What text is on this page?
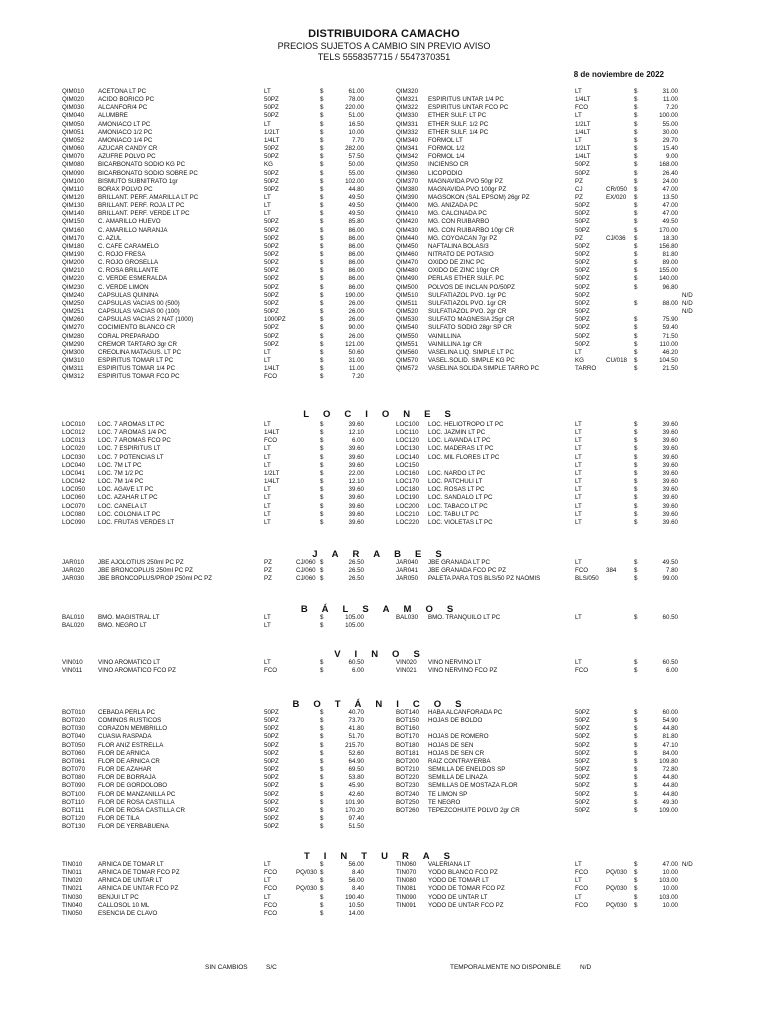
DISTRIBUIDORA CAMACHO
PRECIOS SUJETOS A CAMBIO SIN PREVIO AVISO
TELS 5558357715 / 5547370351
8 de noviembre de 2022
QIM010 ACETONA LT PC	LT	$	61.00
QIM020 ACIDO BORICO PC	50PZ	$	78.00
QIM030 ALCANFOR/4 PC	50PZ	$	220.00
QIM040 ALUMBRE	50PZ	$	51.00
QIM050 AMONIACO LT PC	LT	$	16.50
QIM051 AMONIACO 1/2 PC	1/2LT	$	10.00
QIM052 AMONIACO 1/4 PC	1/4LT	$	7.70
QIM060 AZUCAR CANDY CR	50PZ	$	282.00
QIM070 AZUFRE POLVO PC	50PZ	$	57.50
QIM080 BICARBONATO SODIO KG PC	KG	$	50.00
QIM090 BICARBONATO SODIO SOBRE PC	50PZ	$	55.00
QIM100 BISMUTO SUBNITRATO 1gr	50PZ	$	102.00
QIM110 BORAX POLVO PC	50PZ	$	44.80
QIM120 BRILLANT. PERF. AMARILLA LT PC	LT	$	49.50
QIM130 BRILLANT. PERF. ROJA LT PC	LT	$	49.50
QIM140 BRILLANT. PERF. VERDE LT PC	LT	$	49.50
QIM150 C. AMARILLO HUEVO	50PZ	$	85.80
QIM160 C. AMARILLO NARANJA	50PZ	$	86.00
QIM170 C. AZUL	50PZ	$	86.00
QIM180 C. CAFE CARAMELO	50PZ	$	86.00
QIM190 C. ROJO FRESA	50PZ	$	86.00
QIM200 C. ROJO GROSELLA	50PZ	$	86.00
QIM210 C. ROSA BRILLANTE	50PZ	$	86.00
QIM220 C. VERDE ESMERALDA	50PZ	$	86.00
QIM230 C. VERDE LIMON	50PZ	$	86.00
QIM240 CAPSULAS QUININA	50PZ	$	190.00
QIM250 CAPSULAS VACIAS 00 (500)	50PZ	$	26.00
QIM251 CAPSULAS VACIAS 00 (100)	50PZ	$	26.00
QIM260 CAPSULAS VACIAS 2 NAT (1000)	1000PZ	$	26.00
QIM270 COCIMIENTO BLANCO CR	50PZ	$	90.00
QIM280 CORAL PREPARADO	50PZ	$	26.00
QIM290 CREMOR TARTARO 3gr CR	50PZ	$	121.00
QIM300 CREOLINA MATAGUS. LT PC	LT	$	50.60
QIM310 ESPIRITUS TOMAR LT PC	LT	$	31.00
QIM311 ESPIRITUS TOMAR 1/4 PC	1/4LT	$	11.00
QIM312 ESPIRITUS TOMAR FCO PC	FCO	$	7.20
QIM320	LT	$	31.00
QIM321 ESPIRITUS UNTAR 1/4 PC	1/4LT	$	11.00
QIM322 ESPIRITUS UNTAR FCO PC	FCO	$	7.20
QIM330 ETHER SULF. LT PC	LT	$	100.00
QIM331 ETHER SULF. 1/2 PC	1/2LT	$	55.00
QIM332 ETHER SULF. 1/4 PC	1/4LT	$	30.00
QIM340 FORMOL LT	LT	$	29.70
QIM341 FORMOL 1/2	1/2LT	$	15.40
QIM342 FORMOL 1/4	1/4LT	$	9.00
QIM350 INCIENSO CR	50PZ	$	168.00
QIM360 LICOPODIO	50PZ	$	26.40
QIM370 MAGNAVIDA PVO 50gr PZ	PZ	$	24.00
QIM380 MAGNAVIDA PVO 100gr PZ	CJ	CR/050 $	47.00
QIM390 MAGSOKON (SAL EPSOM) 26gr PZ	PZ	EX/020 $	13.50
QIM400 MG. ANIZADA PC	50PZ	$	47.00
QIM410 MG. CALCINADA PC	50PZ	$	47.00
QIM420 MG. CON RUIBARBO	50PZ	$	49.50
QIM430 MG. CON RUIBARBO 10gr CR	50PZ	$	170.00
QIM440 MG. COYOACAN 7gr PZ	PZ	CJ/036 $	18.30
QIM450 NAFTALINA BOLAS/3	50PZ	$	156.80
QIM460 NITRATO DE POTASIO	50PZ	$	81.80
QIM470 OXIDO DE ZINC PC	50PZ	$	89.00
QIM480 OXIDO DE ZINC 10gr CR	50PZ	$	155.00
QIM490 PERLAS ETHER SULF. PC	50PZ	$	140.00
QIM500 POLVOS DE INCLAN PO/50PZ	50PZ	$	96.80
QIM510 SULFATIAZOL PVO. 1gr PC	50PZ	N/D
QIM511 SULFATIAZOL PVO. 1gr CR	50PZ	$	88.00 N/D
QIM520 SULFATIAZOL PVO. 2gr CR	50PZ	N/D
QIM530 SULFATO MAGNESIA 25gr CR	50PZ	$	75.90
QIM540 SULFATO SODIO 28gr SP CR	50PZ	$	59.40
QIM550 VAINILLINA	50PZ	$	71.50
QIM551 VAINILLINA 1gr CR	50PZ	$	110.00
QIM560 VASELINA LIQ. SIMPLE LT PC	LT	$	46.20
QIM570 VASEL.SOLID. SIMPLE KG PC	KG	CU/018 $	104.50
QIM572 VASELINA SOLIDA SIMPLE TARRO PC	TARRO	$	21.50
LOCIONES
LOC010 LOC. 7 AROMAS LT PC	LT	$	39.60
LOC012 LOC. 7 AROMAS 1/4 PC	1/4LT	$	12.10
LOC013 LOC. 7 AROMAS FCO PC	FCO	$	6.00
LOC020 LOC. 7 ESPIRITUS LT	LT	$	39.60
LOC030 LOC. 7 POTENCIAS LT	LT	$	39.60
LOC040 LOC. 7M LT PC	LT	$	39.60
LOC041 LOC. 7M 1/2 PC	1/2LT	$	22.00
LOC042 LOC. 7M 1/4 PC	1/4LT	$	12.10
LOC050 LOC. AGAVE LT PC	LT	$	39.60
LOC060 LOC. AZAHAR LT PC	LT	$	39.60
LOC070 LOC. CANELA LT	LT	$	39.60
LOC080 LOC. COLONIA LT PC	LT	$	39.60
LOC090 LOC. FRUTAS VERDES LT	LT	$	39.60
LOC100 LOC. HELIOTROPO LT PC	LT	$	39.60
LOC110 LOC. JAZMIN LT PC	LT	$	39.60
LOC120 LOC. LAVANDA LT PC	LT	$	39.60
LOC130 LOC. MADERAS LT PC	LT	$	39.60
LOC140 LOC. MIL FLORES LT PC	LT	$	39.60
LOC150	LT	$	39.60
LOC160 LOC. NARDO LT PC	LT	$	39.60
LOC170 LOC. PATCHULI LT	LT	$	39.60
LOC180 LOC. ROSAS LT PC	LT	$	39.60
LOC190 LOC. SANDALO LT PC	LT	$	39.60
LOC200 LOC. TABACO LT PC	LT	$	39.60
LOC210 LOC. TABU LT PC	LT	$	39.60
LOC220 LOC. VIOLETAS LT PC	LT	$	39.60
JARABES
JAR010 JBE AJOLOTIUS 250ml PC PZ	PZ	CJ/060 $	26.50
JAR020 JBE BRONCOPLUS 250ml PC PZ	PZ	CJ/060 $	26.50
JAR030 JBE BRONCOPLUS/PROP 250ml PC PZ	PZ	CJ/060 $	26.50
JAR040 JBE GRANADA LT PC	LT	$	49.50
JAR041 JBE GRANADA FCO PC PZ	FCO	384	$	7.80
JAR050 PALETA PARA TOS BLS/50 PZ NAOMIS	BLS/050	$	99.00
BÁLSAMOS
BAL010 BMO. MAGISTRAL LT	LT	$	105.00
BAL020 BMO. NEGRO LT	LT	$	105.00
BAL030 BMO. TRANQUILO LT PC	LT	$	60.50
VINOS
VIN010 VINO AROMATICO LT	LT	$	60.50
VIN011	VINO AROMATICO FCO PZ	FCO	$	6.00
VIN020 VINO NERVINO LT	LT	$	60.50
VIN021 VINO NERVINO FCO PZ	FCO	$	6.00
BOTÁNICOS
BOT010 CEBADA PERLA PC	50PZ	$	40.70
BOT020 COMINOS RUSTICOS	50PZ	$	73.70
BOT030 CORAZON MEMBRILLO	50PZ	$	41.80
BOT040 CUASIA RASPADA	50PZ	$	51.70
BOT050 FLOR ANIZ ESTRELLA	50PZ	$	215.70
BOT060 FLOR DE ARNICA	50PZ	$	52.60
BOT061 FLOR DE ARNICA CR	50PZ	$	64.90
BOT070 FLOR DE AZAHAR	50PZ	$	69.50
BOT080 FLOR DE BORRAJA	50PZ	$	53.80
BOT090 FLOR DE GORDOLOBO	50PZ	$	45.90
BOT100 FLOR DE MANZANILLA PC	50PZ	$	42.60
BOT110 FLOR DE ROSA CASTILLA	50PZ	$	101.90
BOT111 FLOR DE ROSA CASTILLA CR	50PZ	$	170.20
BOT120 FLOR DE TILA	50PZ	$	97.40
BOT130 FLOR DE YERBABUENA	50PZ	$	51.50
BOT140 HABA ALCANFORADA PC	50PZ	$	60.00
BOT150 HOJAS DE BOLDO	50PZ	$	54.90
BOT160	50PZ	$	44.80
BOT170 HOJAS DE ROMERO	50PZ	$	81.80
BOT180 HOJAS DE SEN	50PZ	$	47.10
BOT181 HOJAS DE SEN CR	50PZ	$	84.00
BOT200 RAIZ CONTRAYERBA	50PZ	$	109.80
BOT210 SEMILLA DE ENELDOS SP	50PZ	$	72.80
BOT220 SEMILLA DE LINAZA	50PZ	$	44.80
BOT230 SEMILLAS DE MOSTAZA FLOR	50PZ	$	44.80
BOT240 TE LIMON SP	50PZ	$	44.80
BOT250 TE NEGRO	50PZ	$	49.30
BOT260 TEPEZCOHUITE POLVO 2gr CR	50PZ	$	109.00
TINTURAS
TIN010	ARNICA DE TOMAR LT	LT	$	56.00
TIN011	ARNICA DE TOMAR FCO PZ	FCO	PQ/030 $	8.40
TIN020	ARNICA DE UNTAR LT	LT	$	56.00
TIN021	ARNICA DE UNTAR FCO PZ	FCO	PQ/030 $	8.40
TIN030	BENJUI LT PC	LT	$	190.40
TIN040	CALLOSOL 10 ML	FCO	$	10.50
TIN050	ESENCIA DE CLAVO	FCO	$	14.00
TIN060 VALERIANA LT	LT	$	47.00 N/D
TIN070 YODO BLANCO FCO PZ	FCO	PQ/030 $	10.00
TIN080 YODO DE TOMAR LT	LT	$	103.00
TIN081 YODO DE TOMAR FCO PZ	FCO	PQ/030 $	10.00
TIN090 YODO DE UNTAR LT	LT	$	103.00
TIN091 YODO DE UNTAR FCO PZ	FCO	PQ/030 $	10.00
SIN CAMBIOS	S/C	TEMPORALMENTE NO DISPONIBLE	N/D
